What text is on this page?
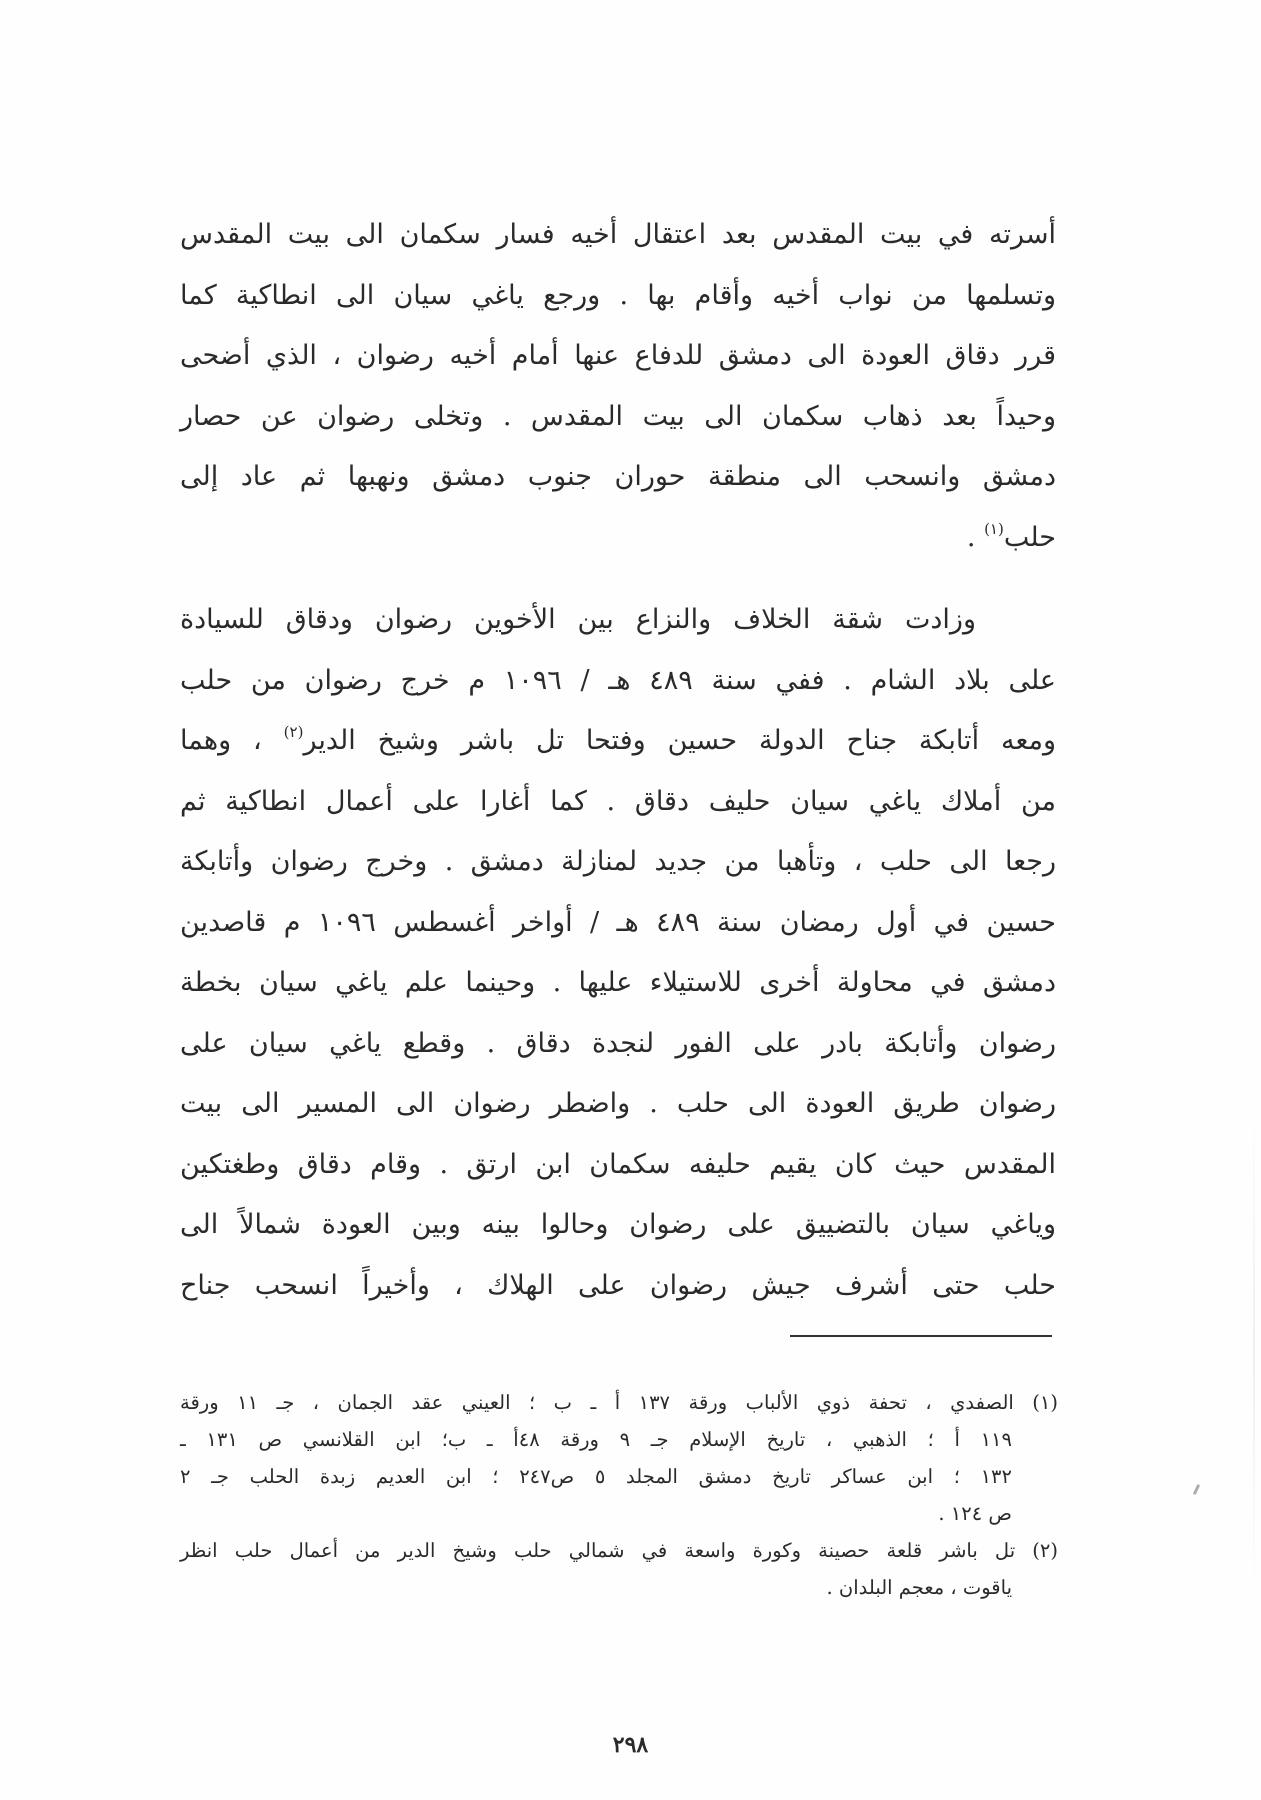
أسرته في بيت المقدس بعد اعتقال أخيه فسار سكمان الى بيت المقدس
وتسلمها من نواب أخيه وأقام بها . ورجع ياغي سيان الى انطاكية كما
قرر دقاق العودة الى دمشق للدفاع عنها أمام أخيه رضوان ، الذي أضحى
وحيداً بعد ذهاب سكمان الى بيت المقدس . وتخلى رضوان عن حصار
دمشق وانسحب الى منطقة حوران جنوب دمشق ونهبها ثم عاد إلى
حلب$^{(١)}$ .
وزادت شقة الخلاف والنزاع بين الأخوين رضوان ودقاق للسيادة
على بلاد الشام . ففي سنة ٤٨٩ هـ / ١٠٩٦ م خرج رضوان من حلب
ومعه أتابكة جناح الدولة حسين وفتحا تل باشر وشيخ الدير$^{(٢)}$ ، وهما
من أملاك ياغي سيان حليف دقاق . كما أغارا على أعمال انطاكية ثم
رجعا الى حلب ، وتأهبا من جديد لمنازلة دمشق . وخرج رضوان وأتابكة
حسين في أول رمضان سنة ٤٨٩ هـ / أواخر أغسطس ١٠٩٦ م قاصدين
دمشق في محاولة أخرى للاستيلاء عليها . وحينما علم ياغي سيان بخطة
رضوان وأتابكة بادر على الفور لنجدة دقاق . وقطع ياغي سيان على
رضوان طريق العودة الى حلب . واضطر رضوان الى المسير الى بيت
المقدس حيث كان يقيم حليفه سكمان ابن ارتق . وقام دقاق وطغتكين
وياغي سيان بالتضييق على رضوان وحالوا بينه وبين العودة شمالاً الى
حلب حتى أشرف جيش رضوان على الهلاك ، وأخيراً انسحب جناح
(١) الصفدي ، تحفة ذوي الألباب ورقة ١٣٧ أ ـ ب ؛ العيني عقد الجمان ، جـ ١١ ورقة
١١٩ أ ؛ الذهبي ، تاريخ الإسلام جـ ٩ ورقة ٤٨أ ـ ب؛ ابن القلانسي ص ١٣١ ـ
١٣٢ ؛ ابن عساكر تاريخ دمشق المجلد ٥ ص٢٤٧ ؛ ابن العديم زبدة الحلب جـ ٢
ص ١٢٤ .
(٢) تل باشر قلعة حصينة وكورة واسعة في شمالي حلب وشيخ الدير من أعمال حلب انظر
ياقوت ، معجم البلدان .
٢٩٨
